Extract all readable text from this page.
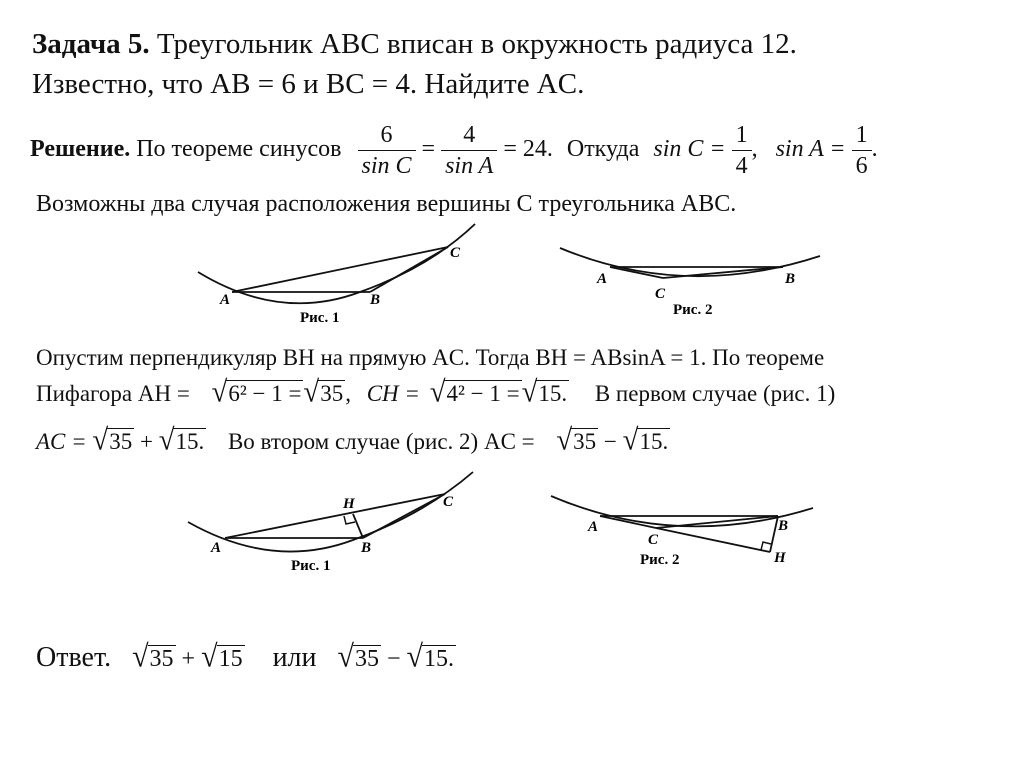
Задача 5. Треугольник ABC вписан в окружность радиуса 12.
Известно, что AB = 6 и BC = 4. Найдите AC.
Решение. По теореме синусов $\frac{6}{\text{sin C}} = \frac{4}{\text{sin A}} = 24$. Откуда $\sin C = \frac{1}{4}$ , $\sin A = \frac{1}{6}$ .
Возможны два случая расположения вершины C треугольника ABC.
A	B
C
Рис. 1
A
C
B
Рис. 2
Опустим перпендикуляр BH на прямую AC. Тогда BH = ABsinA = 1. По теореме
Пифагора AH = √6² − 1 =√35, CH = √4² − 1 =√15. В первом случае (рис. 1)
AC = √35 + √15. Во втором случае (рис. 2) AC = √35 − √15.
H
A	B
C
Рис. 1
A
C
B
H
Рис. 2
Ответ. √35 + √15 или √35 − √15.
